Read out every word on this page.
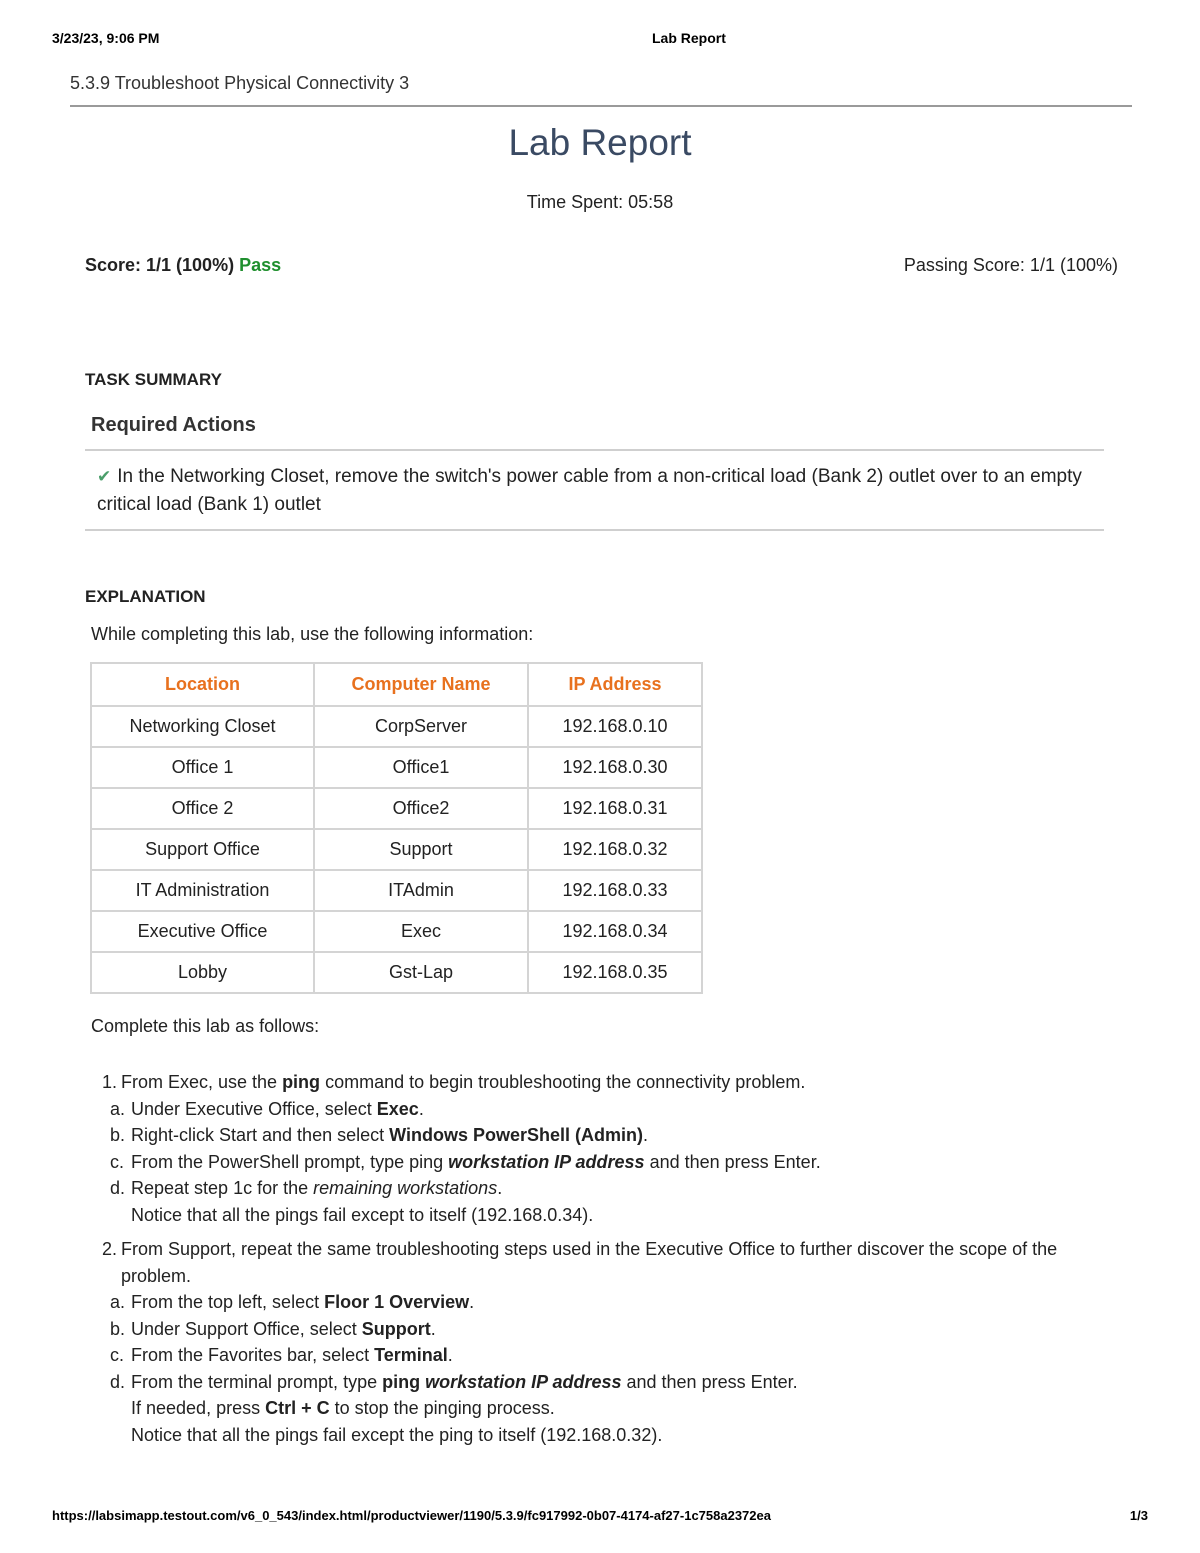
3/23/23, 9:06 PM	Lab Report
5.3.9 Troubleshoot Physical Connectivity 3
Lab Report
Time Spent: 05:58
Score: 1/1 (100%) Pass	Passing Score: 1/1 (100%)
TASK SUMMARY
Required Actions
✔ In the Networking Closet, remove the switch's power cable from a non-critical load (Bank 2) outlet over to an empty critical load (Bank 1) outlet
EXPLANATION
While completing this lab, use the following information:
Location	Computer Name	IP Address
Networking Closet	CorpServer	192.168.0.10
Office 1	Office1	192.168.0.30
Office 2	Office2	192.168.0.31
Support Office	Support	192.168.0.32
IT Administration	ITAdmin	192.168.0.33
Executive Office	Exec	192.168.0.34
Lobby	Gst-Lap	192.168.0.35
Complete this lab as follows:
1. From Exec, use the ping command to begin troubleshooting the connectivity problem.
a. Under Executive Office, select Exec.
b. Right-click Start and then select Windows PowerShell (Admin).
c. From the PowerShell prompt, type ping workstation IP address and then press Enter.
d. Repeat step 1c for the remaining workstations.
Notice that all the pings fail except to itself (192.168.0.34).
2. From Support, repeat the same troubleshooting steps used in the Executive Office to further discover the scope of the problem.
a. From the top left, select Floor 1 Overview.
b. Under Support Office, select Support.
c. From the Favorites bar, select Terminal.
d. From the terminal prompt, type ping workstation IP address and then press Enter.
If needed, press Ctrl + C to stop the pinging process.
Notice that all the pings fail except the ping to itself (192.168.0.32).
https://labsimapp.testout.com/v6_0_543/index.html/productviewer/1190/5.3.9/fc917992-0b07-4174-af27-1c758a2372ea	1/3
